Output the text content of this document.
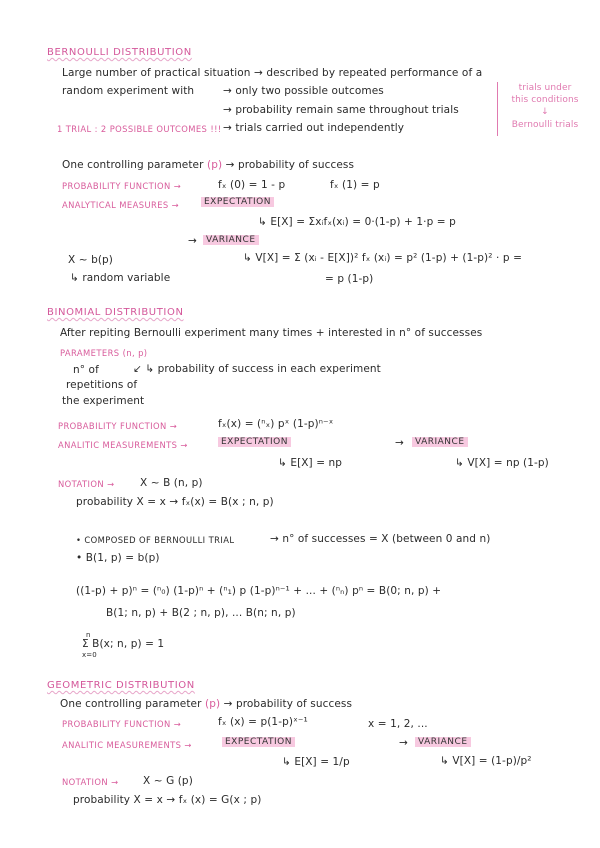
BERNOULLI DISTRIBUTION
Large number of practical situation → described by repeated performance of a
random experiment with	→ only two possible outcomes
→ probability remain same throughout trials
1 TRIAL : 2 POSSIBLE OUTCOMES !!! → trials carried out independently
trials under
this conditions
↓
Bernoulli trials
One controlling parameter (p) → probability of success
PROBABILITY FUNCTION →	fₓ (0) = 1 - p	fₓ (1) = p
ANALYTICAL MEASURES →	EXPECTATION
↳ E[X] = Σxᵢfₓ(xᵢ) = 0·(1-p) + 1·p = p
→	VARIANCE
X ~ b(p)	↳ V[X] = Σ (xᵢ - E[X])² fₓ (xᵢ) = p² (1-p) + (1-p)² · p =
↳ random variable	= p (1-p)
BINOMIAL DISTRIBUTION
After repiting Bernoulli experiment many times + interested in n° of successes
PARAMETERS (n, p)
n° of	↙ ↳ probability of success in each experiment
repetitions of
the experiment
PROBABILITY FUNCTION →	fₓ(x) = (ⁿₓ) pˣ (1-p)ⁿ⁻ˣ
ANALITIC MEASUREMENTS →	EXPECTATION	→	VARIANCE
↳ E[X] = np	↳ V[X] = np (1-p)
NOTATION → X ~ B (n, p)
probability X = x → fₓ(x) = B(x ; n, p)
• COMPOSED OF BERNOULLI TRIAL	→ n° of successes = X (between 0 and n)
• B(1, p) = b(p)
((1-p) + p)ⁿ = (ⁿ₀) (1-p)ⁿ + (ⁿ₁) p (1-p)ⁿ⁻¹ + ... + (ⁿₙ) pⁿ = B(0; n, p) +
B(1; n, p) + B(2 ; n, p), ... B(n; n, p)
n
Σ B(x; n, p) = 1
x=0
GEOMETRIC DISTRIBUTION
One controlling parameter (p) → probability of success
PROBABILITY FUNCTION →	fₓ (x) = p(1-p)ˣ⁻¹	x = 1, 2, ...
ANALITIC MEASUREMENTS →	EXPECTATION	→	VARIANCE
↳ E[X] = 1/p	↳ V[X] = (1-p)/p²
NOTATION → X ~ G (p)
probability X = x → fₓ (x) = G(x ; p)
